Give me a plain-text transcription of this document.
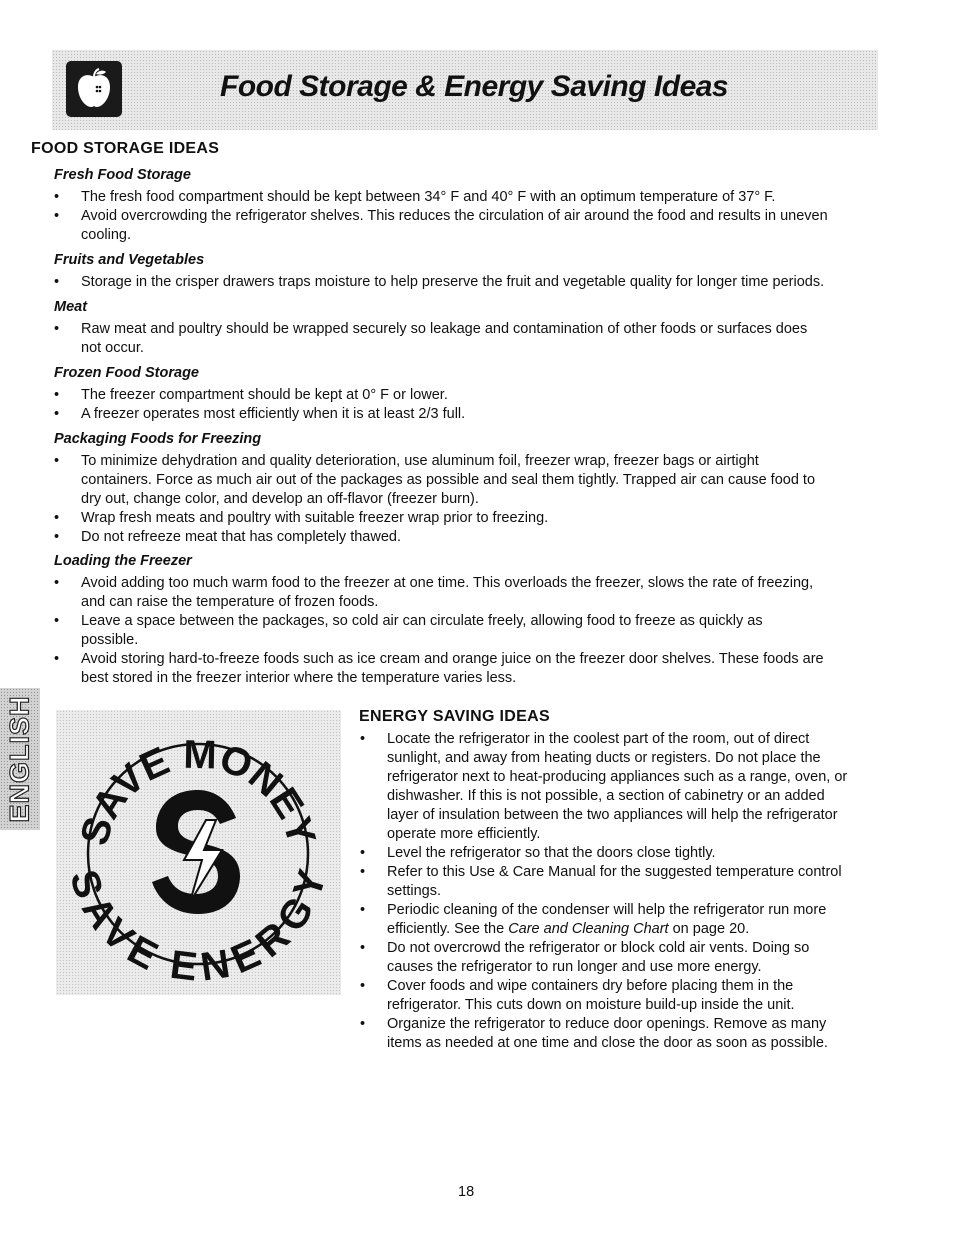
Food Storage & Energy Saving Ideas
FOOD STORAGE IDEAS
Fresh Food Storage
• The fresh food compartment should be kept between 34° F and 40° F with an optimum temperature of 37° F.
• Avoid overcrowding the refrigerator shelves. This reduces the circulation of air around the food and results in uneven
cooling.
Fruits and Vegetables
• Storage in the crisper drawers traps moisture to help preserve the fruit and vegetable quality for longer time periods.
Meat
• Raw meat and poultry should be wrapped securely so leakage and contamination of other foods or surfaces does
not occur.
Frozen Food Storage
• The freezer compartment should be kept at 0° F or lower.
• A freezer operates most efficiently when it is at least 2/3 full.
Packaging Foods for Freezing
• To minimize dehydration and quality deterioration, use aluminum foil, freezer wrap, freezer bags or airtight
containers. Force as much air out of the packages as possible and seal them tightly. Trapped air can cause food to
dry out, change color, and develop an off-flavor (freezer burn).
• Wrap fresh meats and poultry with suitable freezer wrap prior to freezing.
• Do not refreeze meat that has completely thawed.
Loading the Freezer
• Avoid adding too much warm food to the freezer at one time. This overloads the freezer, slows the rate of freezing,
and can raise the temperature of frozen foods.
• Leave a space between the packages, so cold air can circulate freely, allowing food to freeze as quickly as
possible.
• Avoid storing hard-to-freeze foods such as ice cream and orange juice on the freezer door shelves. These foods are
best stored in the freezer interior where the temperature varies less.
ENGLISH
SAVE MONEY
SAVE ENERGY
ENERGY SAVING IDEAS
• Locate the refrigerator in the coolest part of the room, out of direct
sunlight, and away from heating ducts or registers. Do not place the
refrigerator next to heat-producing appliances such as a range, oven, or
dishwasher. If this is not possible, a section of cabinetry or an added
layer of insulation between the two appliances will help the refrigerator
operate more efficiently.
• Level the refrigerator so that the doors close tightly.
• Refer to this Use & Care Manual for the suggested temperature control
settings.
• Periodic cleaning of the condenser will help the refrigerator run more
efficiently. See the Care and Cleaning Chart on page 20.
• Do not overcrowd the refrigerator or block cold air vents. Doing so
causes the refrigerator to run longer and use more energy.
• Cover foods and wipe containers dry before placing them in the
refrigerator. This cuts down on moisture build-up inside the unit.
• Organize the refrigerator to reduce door openings. Remove as many
items as needed at one time and close the door as soon as possible.
18
